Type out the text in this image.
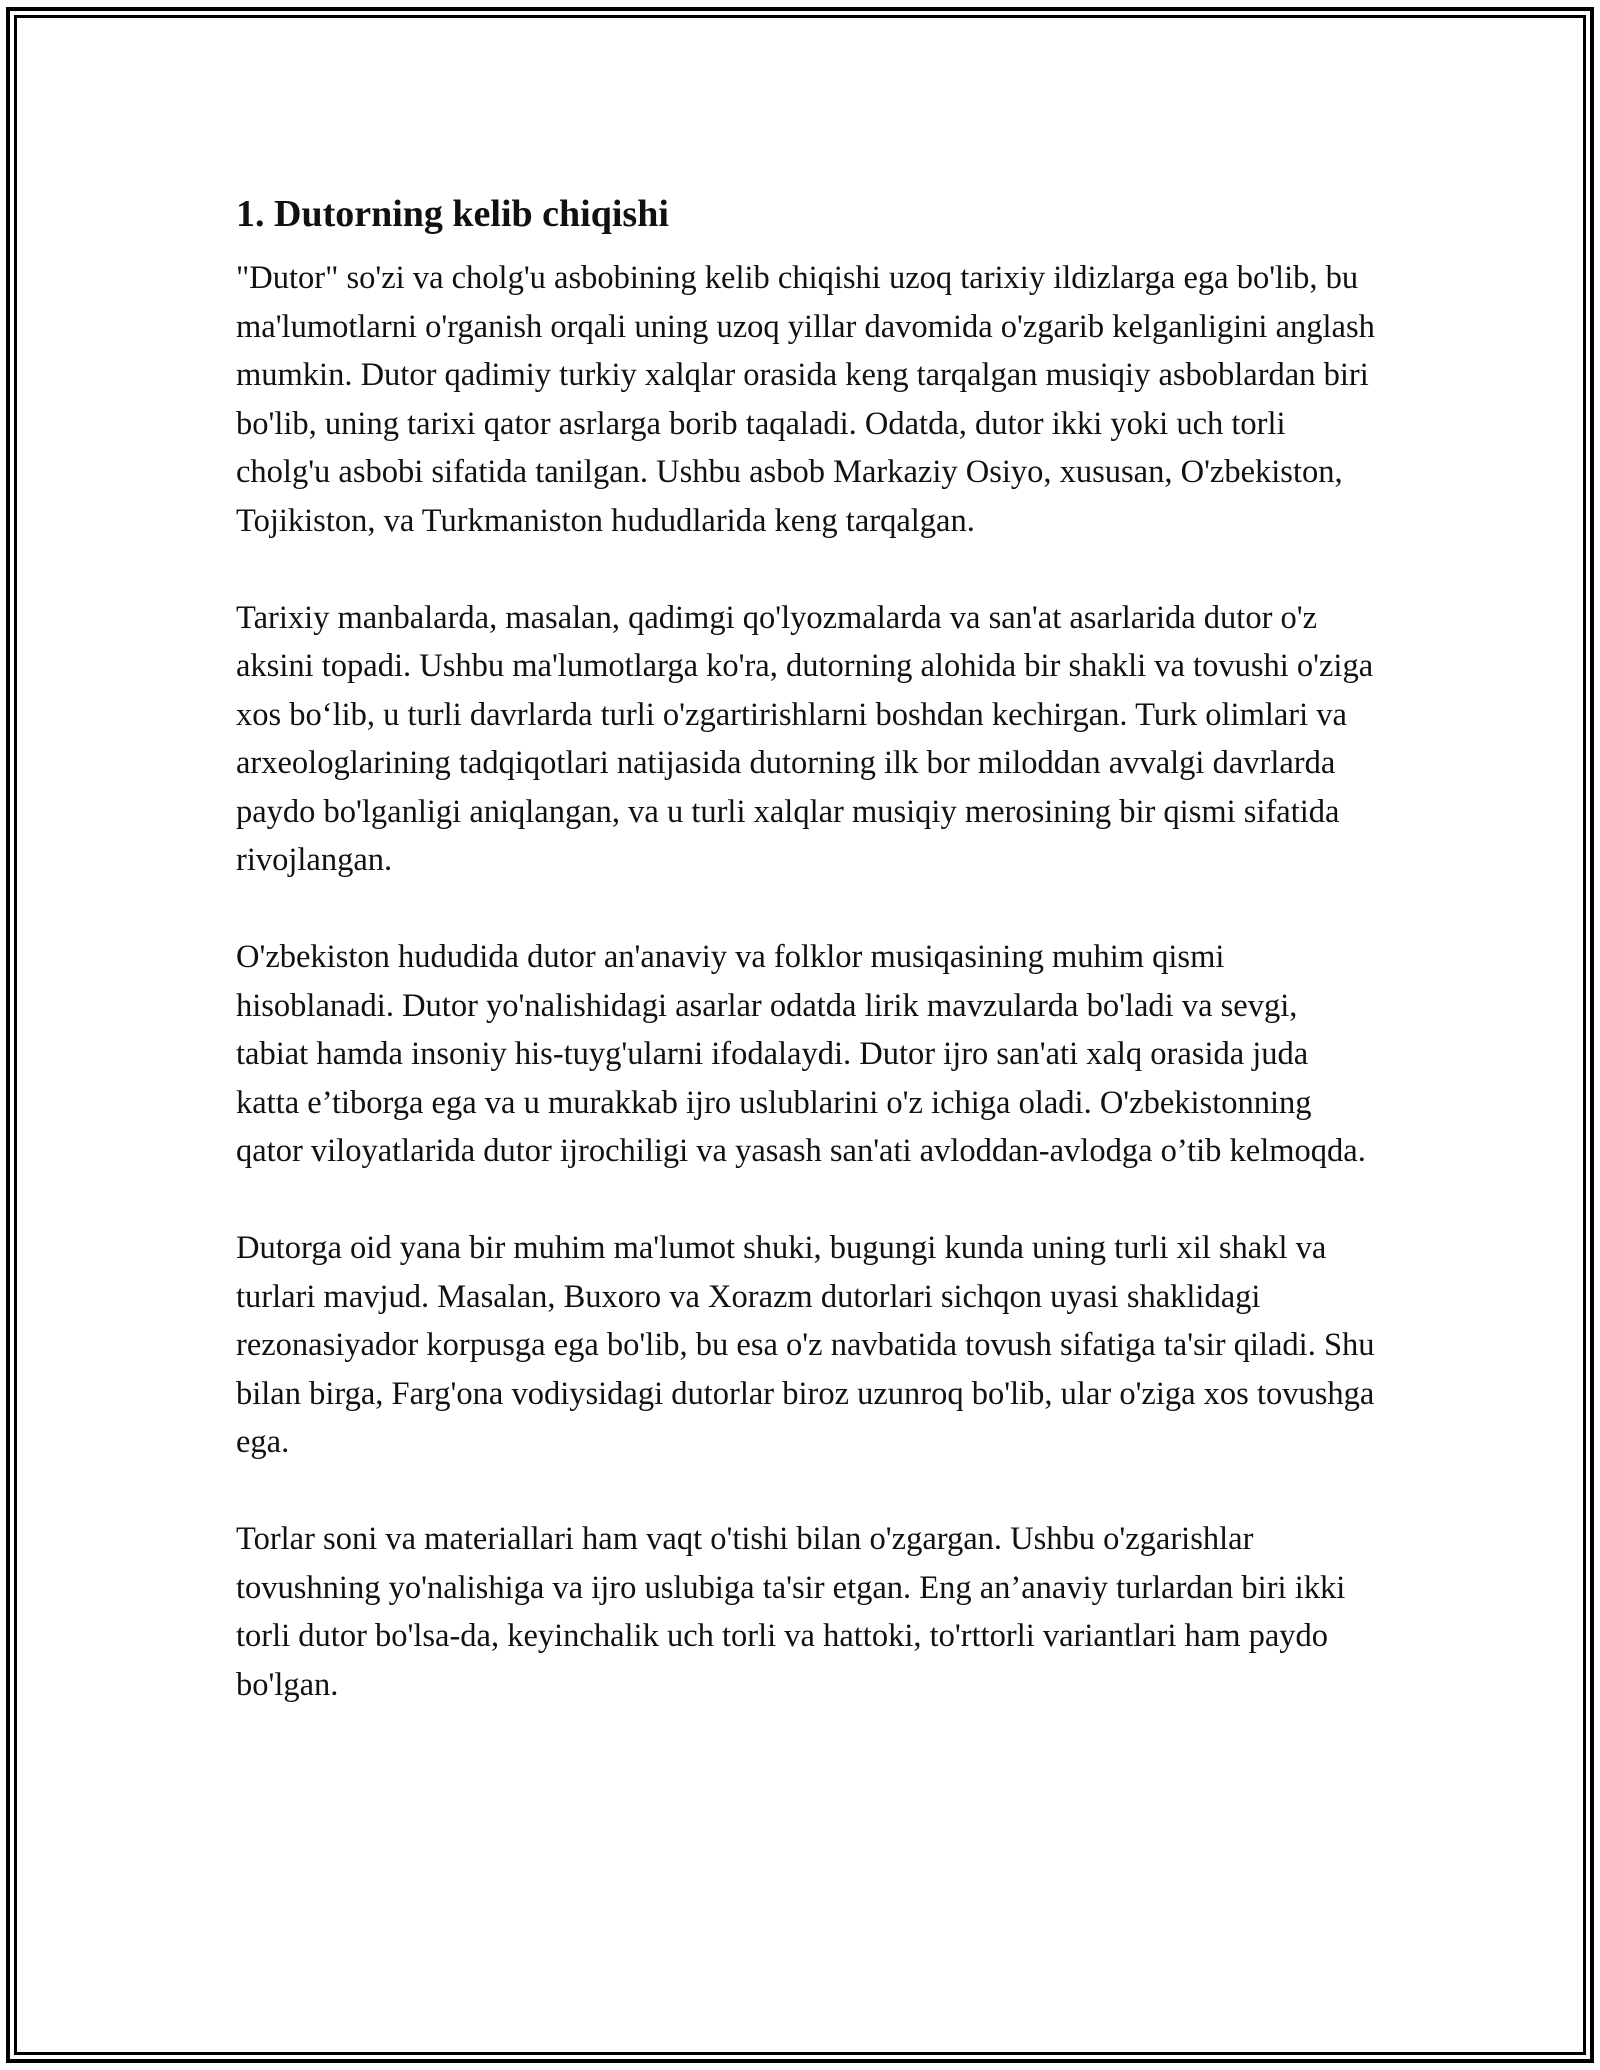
1. Dutorning kelib chiqishi

"Dutor" so'zi va cholg'u asbobining kelib chiqishi uzoq tarixiy ildizlarga ega bo'lib, bu ma'lumotlarni o'rganish orqali uning uzoq yillar davomida o'zgarib kelganligini anglash mumkin. Dutor qadimiy turkiy xalqlar orasida keng tarqalgan musiqiy asboblardan biri bo'lib, uning tarixi qator asrlarga borib taqaladi. Odatda, dutor ikki yoki uch torli cholg'u asbobi sifatida tanilgan. Ushbu asbob Markaziy Osiyo, xususan, O'zbekiston, Tojikiston, va Turkmaniston hududlarida keng tarqalgan.

Tarixiy manbalarda, masalan, qadimgi qo'lyozmalarda va san'at asarlarida dutor o'z aksini topadi. Ushbu ma'lumotlarga ko'ra, dutorning alohida bir shakli va tovushi o'ziga xos bo‘lib, u turli davrlarda turli o'zgartirishlarni boshdan kechirgan. Turk olimlari va arxeologlarining tadqiqotlari natijasida dutorning ilk bor miloddan avvalgi davrlarda paydo bo'lganligi aniqlangan, va u turli xalqlar musiqiy merosining bir qismi sifatida rivojlangan.

O'zbekiston hududida dutor an'anaviy va folklor musiqasining muhim qismi hisoblanadi. Dutor yo'nalishidagi asarlar odatda lirik mavzularda bo'ladi va sevgi, tabiat hamda insoniy his-tuyg'ularni ifodalaydi. Dutor ijro san'ati xalq orasida juda katta e’tiborga ega va u murakkab ijro uslublarini o'z ichiga oladi. O'zbekistonning qator viloyatlarida dutor ijrochiligi va yasash san'ati avloddan-avlodga o’tib kelmoqda.

Dutorga oid yana bir muhim ma'lumot shuki, bugungi kunda uning turli xil shakl va turlari mavjud. Masalan, Buxoro va Xorazm dutorlari sichqon uyasi shaklidagi rezonasiyador korpusga ega bo'lib, bu esa o'z navbatida tovush sifatiga ta'sir qiladi. Shu bilan birga, Farg'ona vodiysidagi dutorlar biroz uzunroq bo'lib, ular o'ziga xos tovushga ega.

Torlar soni va materiallari ham vaqt o'tishi bilan o'zgargan. Ushbu o'zgarishlar tovushning yo'nalishiga va ijro uslubiga ta'sir etgan. Eng an’anaviy turlardan biri ikki torli dutor bo'lsa-da, keyinchalik uch torli va hattoki, to'rttorli variantlari ham paydo bo'lgan.
